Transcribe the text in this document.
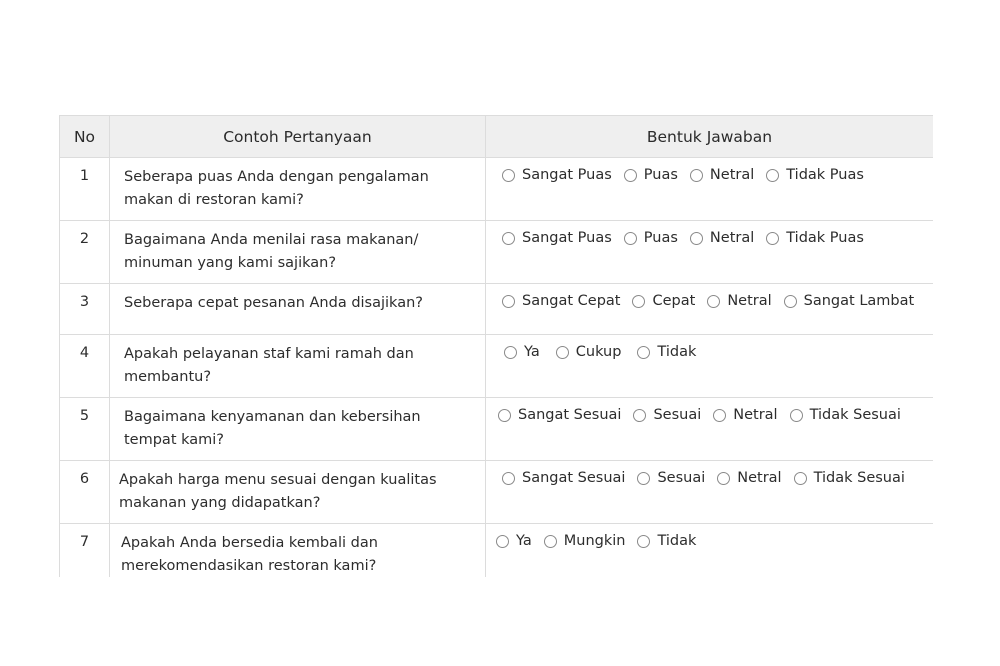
No	Contoh Pertanyaan	Bentuk Jawaban
1	Seberapa puas Anda dengan pengalaman makan di restoran kami?	Sangat Puas Puas Netral Tidak Puas

2	Bagaimana Anda menilai rasa makanan/ minuman yang kami sajikan?	Sangat Puas Puas Netral Tidak Puas

3	Seberapa cepat pesanan Anda disajikan?	Sangat Cepat Cepat Netral Sangat Lambat

4	Apakah pelayanan staf kami ramah dan membantu?	Ya Cukup Tidak

5	Bagaimana kenyamanan dan kebersihan tempat kami?	Sangat Sesuai Sesuai Netral Tidak Sesuai

6	Apakah harga menu sesuai dengan kualitas makanan yang didapatkan?	Sangat Sesuai Sesuai Netral Tidak Sesuai

7	Apakah Anda bersedia kembali dan merekomendasikan restoran kami?	Ya Mungkin Tidak
